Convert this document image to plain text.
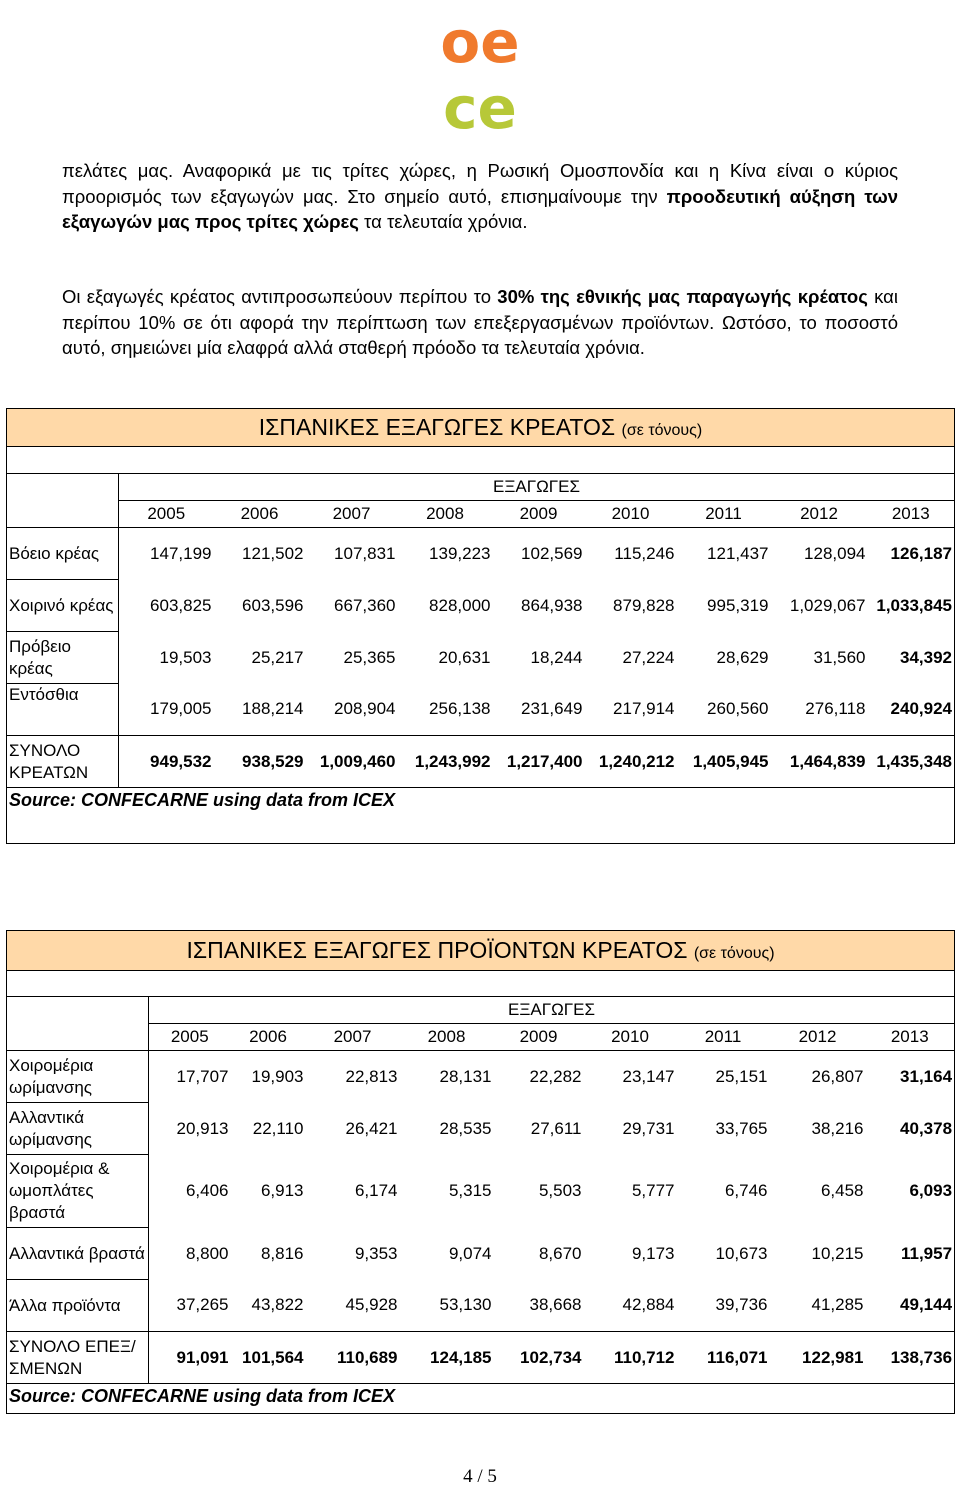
oe
ce
πελάτες μας. Αναφορικά με τις τρίτες χώρες, η Ρωσική Ομοσπονδία και η Κίνα είναι ο κύριος προορισμός των εξαγωγών μας. Στο σημείο αυτό, επισημαίνουμε την προοδευτική αύξηση των εξαγωγών μας προς τρίτες χώρες τα τελευταία χρόνια.
Οι εξαγωγές κρέατος αντιπροσωπεύουν περίπου το 30% της εθνικής μας παραγωγής κρέατος και περίπου 10% σε ότι αφορά την περίπτωση των επεξεργασμένων προϊόντων. Ωστόσο, το ποσοστό αυτό, σημειώνει μία ελαφρά αλλά σταθερή πρόοδο τα τελευταία χρόνια.
ΙΣΠΑΝΙΚΕΣ ΕΞΑΓΩΓΕΣ ΚΡΕΑΤΟΣ (σε τόνους)									

	ΕΞΑΓΩΓΕΣ								
	2005	2006	2007	2008	2009	2010	2011	2012	2013
Βόειο κρέας	147,199	121,502	107,831	139,223	102,569	115,246	121,437	128,094	126,187
Χοιρινό κρέας	603,825	603,596	667,360	828,000	864,938	879,828	995,319	1,029,067	1,033,845
Πρόβειο κρέας	19,503	25,217	25,365	20,631	18,244	27,224	28,629	31,560	34,392
Εντόσθια	179,005	188,214	208,904	256,138	231,649	217,914	260,560	276,118	240,924
ΣΥΝΟΛΟ ΚΡΕΑΤΩΝ	949,532	938,529	1,009,460	1,243,992	1,217,400	1,240,212	1,405,945	1,464,839	1,435,348
Source: CONFECARNE using data from ICEX									
ΙΣΠΑΝΙΚΕΣ ΕΞΑΓΩΓΕΣ ΠΡΟΪΟΝΤΩΝ ΚΡΕΑΤΟΣ (σε τόνους)									

	ΕΞΑΓΩΓΕΣ								
	2005	2006	2007	2008	2009	2010	2011	2012	2013
Χοιρομέρια ωρίμανσης	17,707	19,903	22,813	28,131	22,282	23,147	25,151	26,807	31,164
Αλλαντικά ωρίμανσης	20,913	22,110	26,421	28,535	27,611	29,731	33,765	38,216	40,378
Χοιρομέρια & ωμοπλάτες βραστά	6,406	6,913	6,174	5,315	5,503	5,777	6,746	6,458	6,093
Αλλαντικά βραστά	8,800	8,816	9,353	9,074	8,670	9,173	10,673	10,215	11,957
Άλλα προϊόντα	37,265	43,822	45,928	53,130	38,668	42,884	39,736	41,285	49,144
ΣΥΝΟΛΟ ΕΠΕΞ/ΣΜΕΝΩΝ	91,091	101,564	110,689	124,185	102,734	110,712	116,071	122,981	138,736
Source: CONFECARNE using data from ICEX									
4 / 5
